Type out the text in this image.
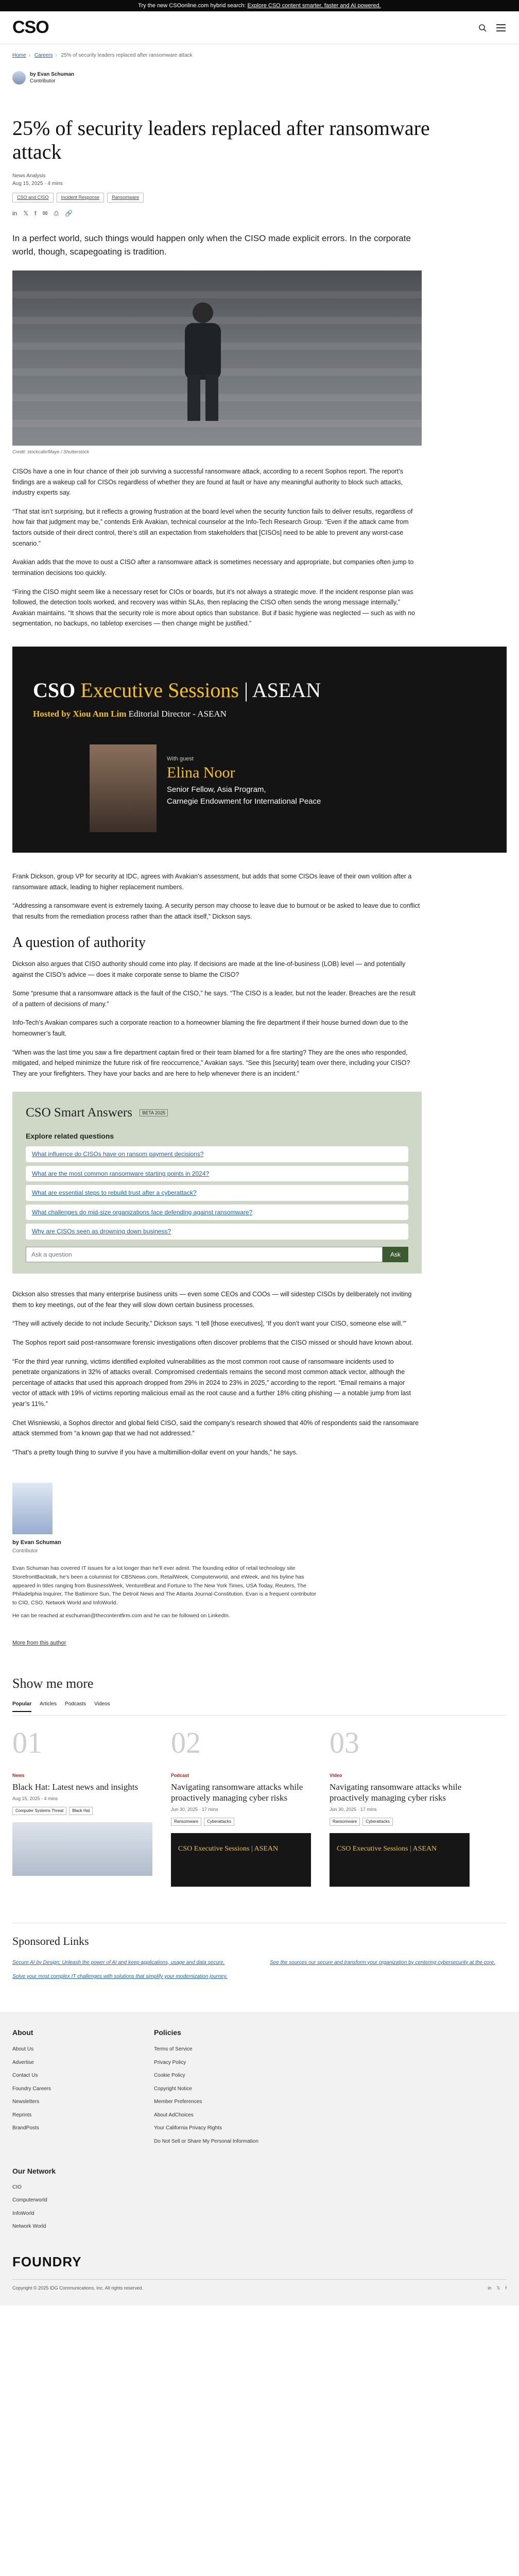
Try the new CSOonline.com hybrid search: Explore CSO content smarter, faster and AI powered.
CSO
Home › Careers › 25% of security leaders replaced after ransomware attack
by Evan Schuman
Contributor
25% of security leaders replaced after ransomware attack
News Analysis
Aug 15, 2025 · 4 mins
CSO and CISO	Incident Response	Ransomware
in 𝕏 f ✉ ⎙ 🔗

In a perfect world, such things would happen only when the CISO made explicit errors. In the corporate world, though, scapegoating is tradition.

Credit: stockcafe/Maye / Shutterstock

CISOs have a one in four chance of their job surviving a successful ransomware attack, according to a recent Sophos report. The report’s findings are a wakeup call for CISOs regardless of whether they are found at fault or have any meaningful authority to block such attacks, industry experts say.

“That stat isn’t surprising, but it reflects a growing frustration at the board level when the security function fails to deliver results, regardless of how fair that judgment may be,” contends Erik Avakian, technical counselor at the Info-Tech Research Group. “Even if the attack came from factors outside of their direct control, there’s still an expectation from stakeholders that [CISOs] need to be able to prevent any worst-case scenario.”

Avakian adds that the move to oust a CISO after a ransomware attack is sometimes necessary and appropriate, but companies often jump to termination decisions too quickly.

“Firing the CISO might seem like a necessary reset for CIOs or boards, but it’s not always a strategic move. If the incident response plan was followed, the detection tools worked, and recovery was within SLAs, then replacing the CISO often sends the wrong message internally,” Avakian maintains. “It shows that the security role is more about optics than substance. But if basic hygiene was neglected — such as with no segmentation, no backups, no tabletop exercises — then change might be justified.”

CSO Executive Sessions | ASEAN
Hosted by Xiou Ann Lim Editorial Director - ASEAN
With guest
Elina Noor
Senior Fellow, Asia Program,
Carnegie Endowment for International Peace

Frank Dickson, group VP for security at IDC, agrees with Avakian’s assessment, but adds that some CISOs leave of their own volition after a ransomware attack, leading to higher replacement numbers.

“Addressing a ransomware event is extremely taxing. A security person may choose to leave due to burnout or be asked to leave due to conflict that results from the remediation process rather than the attack itself,” Dickson says.

A question of authority

Dickson also argues that CISO authority should come into play. If decisions are made at the line-of-business (LOB) level — and potentially against the CISO’s advice — does it make corporate sense to blame the CISO?

Some “presume that a ransomware attack is the fault of the CISO,” he says. “The CISO is a leader, but not the leader. Breaches are the result of a pattern of decisions of many.”

Info-Tech’s Avakian compares such a corporate reaction to a homeowner blaming the fire department if their house burned down due to the homeowner’s fault.

“When was the last time you saw a fire department captain fired or their team blamed for a fire starting? They are the ones who responded, mitigated, and helped minimize the future risk of fire reoccurrence,” Avakian says. “See this [security] team over there, including your CISO? They are your firefighters. They have your backs and are here to help whenever there is an incident.”

CSO Smart Answers BETA 2025
Explore related questions
What influence do CISOs have on ransom payment decisions?
What are the most common ransomware starting points in 2024?
What are essential steps to rebuild trust after a cyberattack?
What challenges do mid-size organizations face defending against ransomware?
Why are CISOs seen as drowning down business?
Ask a question
Ask

Dickson also stresses that many enterprise business units — even some CEOs and COOs — will sidestep CISOs by deliberately not inviting them to key meetings, out of the fear they will slow down certain business processes.

“They will actively decide to not include Security,” Dickson says. “I tell [those executives], ‘If you don’t want your CISO, someone else will.’”

The Sophos report said post-ransomware forensic investigations often discover problems that the CISO missed or should have known about.

“For the third year running, victims identified exploited vulnerabilities as the most common root cause of ransomware incidents used to penetrate organizations in 32% of attacks overall. Compromised credentials remains the second most common attack vector, although the percentage of attacks that used this approach dropped from 29% in 2024 to 23% in 2025,” according to the report. “Email remains a major vector of attack with 19% of victims reporting malicious email as the root cause and a further 18% citing phishing — a notable jump from last year’s 11%.”

Chet Wisniewski, a Sophos director and global field CISO, said the company’s research showed that 40% of respondents said the ransomware attack stemmed from “a known gap that we had not addressed.”

“That’s a pretty tough thing to survive if you have a multimillion-dollar event on your hands,” he says.

by Evan Schuman
Contributor

Evan Schuman has covered IT issues for a lot longer than he’ll ever admit. The founding editor of retail technology site StorefrontBacktalk, he’s been a columnist for CBSNews.com, RetailWeek, Computerworld, and eWeek, and his byline has appeared in titles ranging from BusinessWeek, VentureBeat and Fortune to The New York Times, USA Today, Reuters, The Philadelphia Inquirer, The Baltimore Sun, The Detroit News and The Atlanta Journal-Constitution. Evan is a frequent contributor to CIO, CSO, Network World and InfoWorld.

He can be reached at eschuman@thecontentfirm.com and he can be followed on LinkedIn.

More from this author
Show me more
Popular Articles Podcasts Videos
01
News
Black Hat: Latest news and insights
Aug 15, 2025 · 4 mins
Computer Systems Threat	Black Hat
02
Podcast
Navigating ransomware attacks while proactively managing cyber risks
Jun 30, 2025 · 17 mins
Ransomware	Cyberattacks
CSO Executive Sessions | ASEAN
03
Video
Navigating ransomware attacks while proactively managing cyber risks
Jun 30, 2025 · 17 mins
Ransomware	Cyberattacks
CSO Executive Sessions | ASEAN
Sponsored Links
Secure AI by Design: Unleash the power of AI and keep applications, usage and data secure.	See the sources our secure and transform your organization by centering cybersecurity at the core.
Solve your most complex IT challenges with solutions that simplify your modernization journey.
About
About Us
Advertise
Contact Us
Foundry Careers
Newsletters
Reprints
BrandPosts
Policies
Terms of Service
Privacy Policy
Cookie Policy
Copyright Notice
Member Preferences
About AdChoices
Your California Privacy Rights
Do Not Sell or Share My Personal Information
Our Network
CIO
Computerworld
InfoWorld
Network World
FOUNDRY
Copyright © 2025 IDG Communications, Inc. All rights reserved.	in 𝕏 f
